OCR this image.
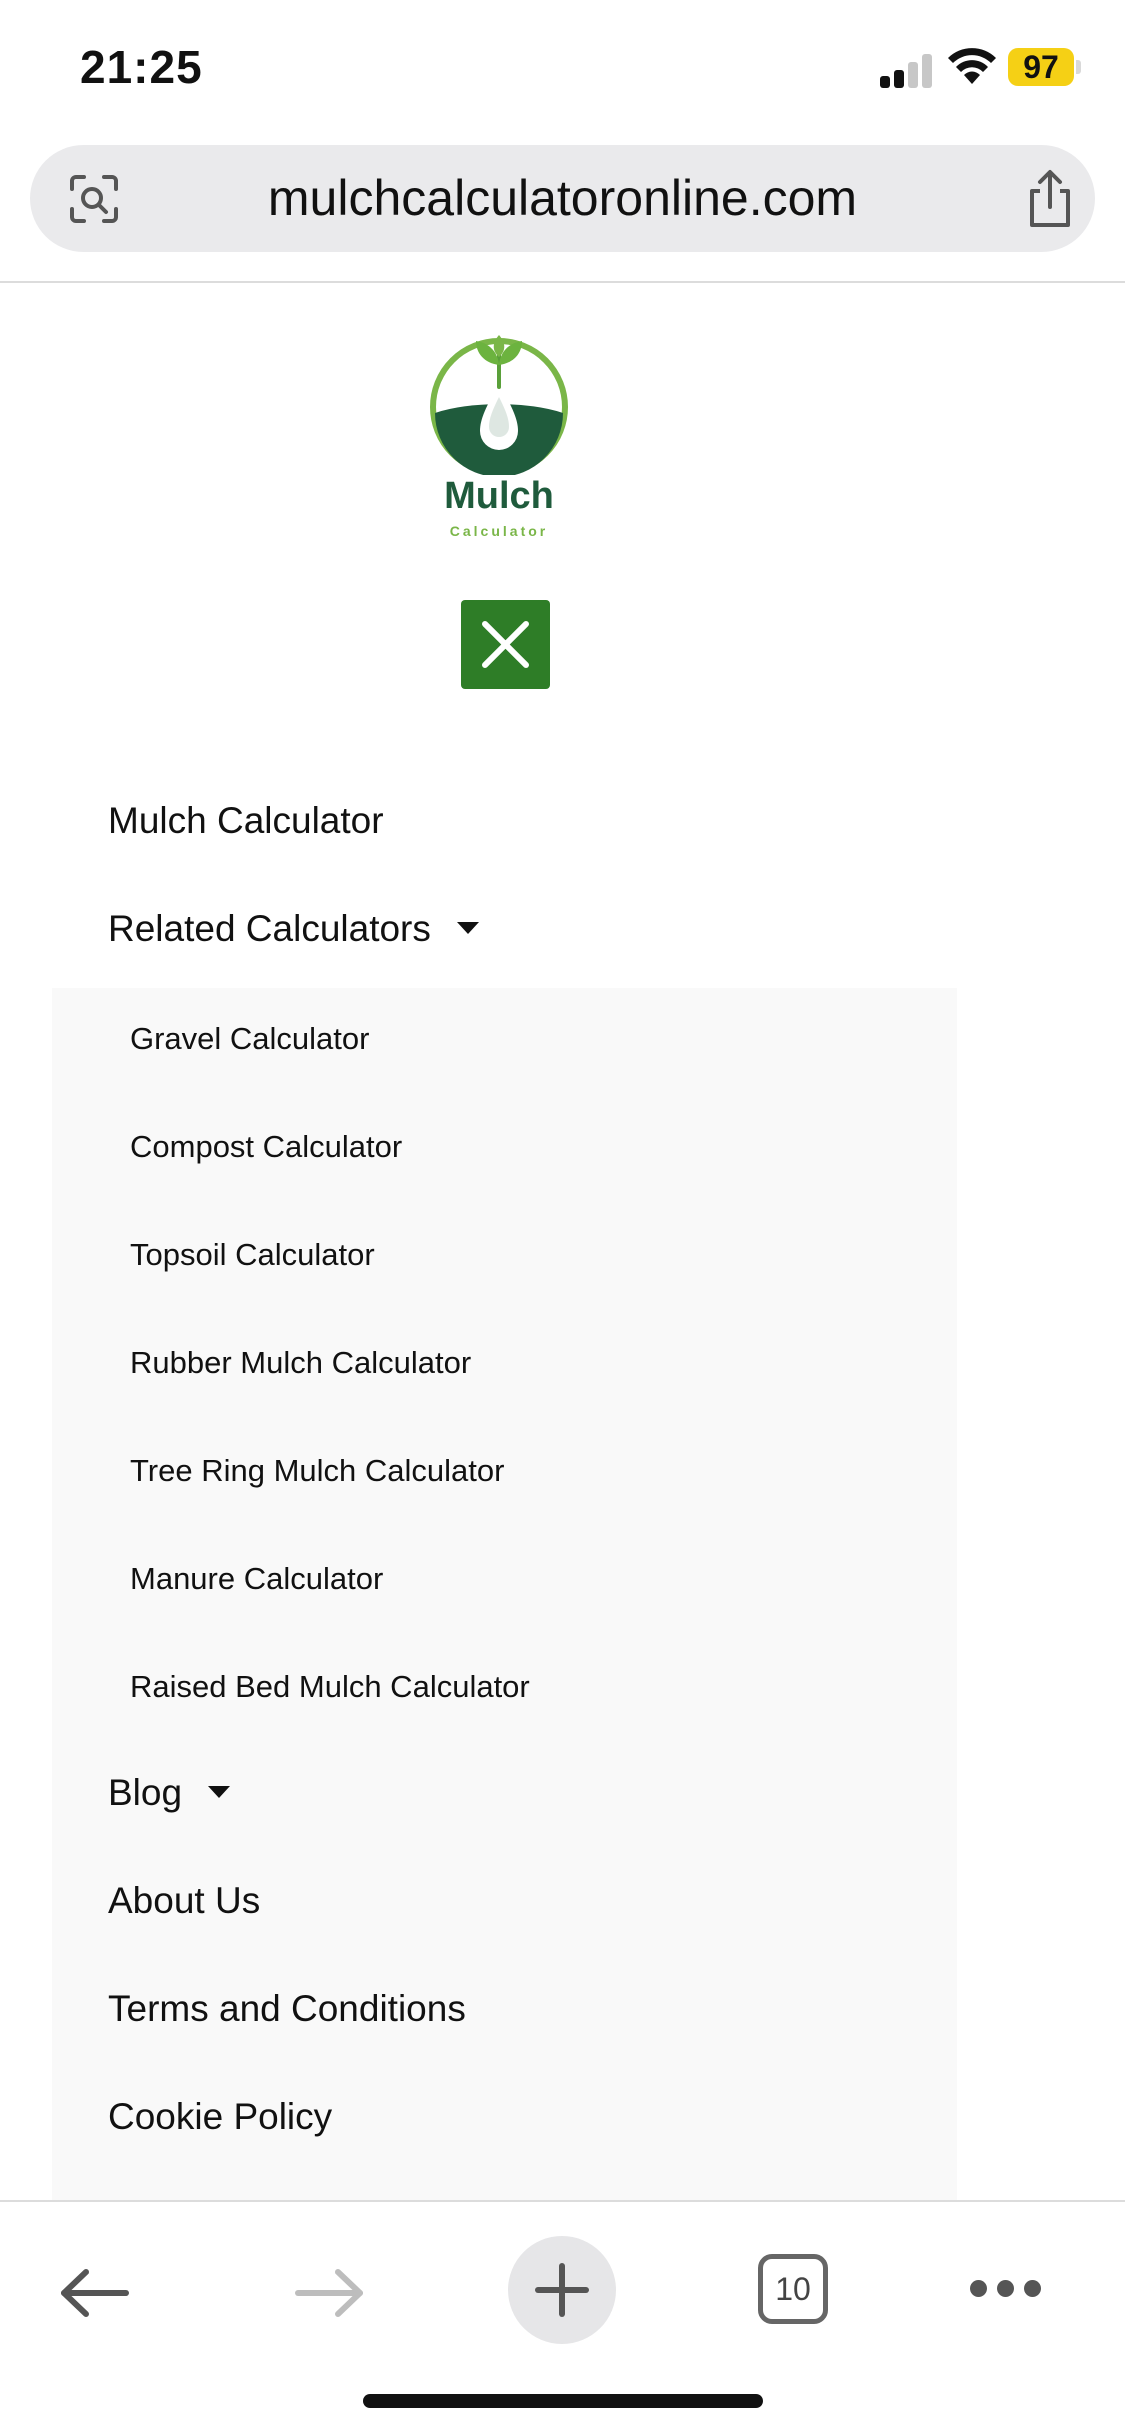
21:25	97
mulchcalculatoronline.com
Mulch
Calculator
Mulch Calculator
Related Calculators
Gravel Calculator
Compost Calculator
Topsoil Calculator
Rubber Mulch Calculator
Tree Ring Mulch Calculator
Manure Calculator
Raised Bed Mulch Calculator
Blog
About Us
Terms and Conditions
Cookie Policy
10
